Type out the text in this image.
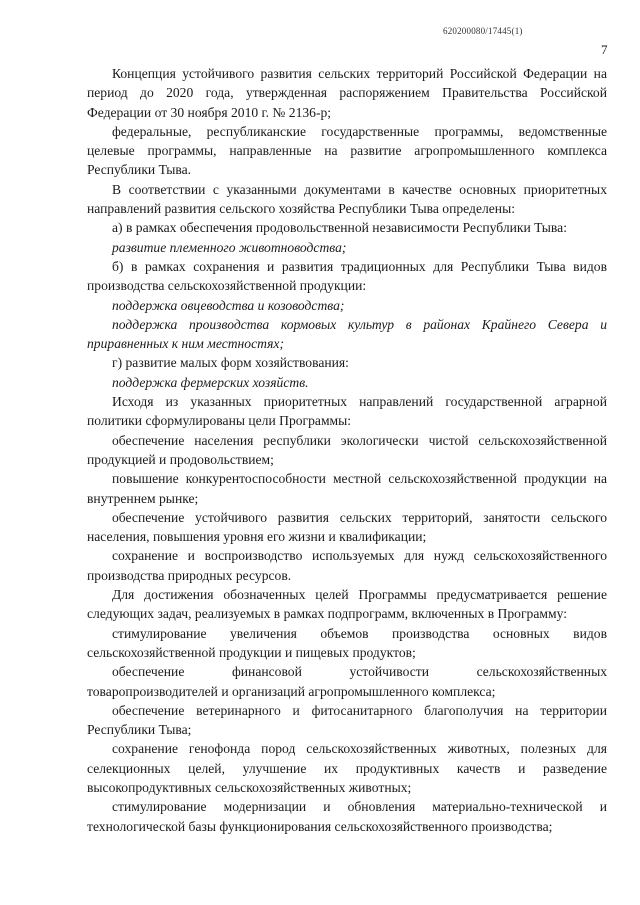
620200080/17445(1)
7

Концепция устойчивого развития сельских территорий Российской Федерации на период до 2020 года, утвержденная распоряжением Правительства Российской Федерации от 30 ноября 2010 г. № 2136-р;

федеральные, республиканские государственные программы, ведомственные целевые программы, направленные на развитие агропромышленного комплекса Республики Тыва.

В соответствии с указанными документами в качестве основных приоритетных направлений развития сельского хозяйства Республики Тыва определены:

а) в рамках обеспечения продовольственной независимости Республики Тыва:

развитие племенного животноводства;

б) в рамках сохранения и развития традиционных для Республики Тыва видов производства сельскохозяйственной продукции:

поддержка овцеводства и козоводства;

поддержка производства кормовых культур в районах Крайнего Севера и приравненных к ним местностях;

г) развитие малых форм хозяйствования:

поддержка фермерских хозяйств.

Исходя из указанных приоритетных направлений государственной аграрной политики сформулированы цели Программы:

обеспечение населения республики экологически чистой сельскохозяйственной продукцией и продовольствием;

повышение конкурентоспособности местной сельскохозяйственной продукции на внутреннем рынке;

обеспечение устойчивого развития сельских территорий, занятости сельского населения, повышения уровня его жизни и квалификации;

сохранение и воспроизводство используемых для нужд сельскохозяйственного производства природных ресурсов.

Для достижения обозначенных целей Программы предусматривается решение следующих задач, реализуемых в рамках подпрограмм, включенных в Программу:

стимулирование увеличения объемов производства основных видов сельскохозяйственной продукции и пищевых продуктов;

обеспечение финансовой устойчивости сельскохозяйственных товаропроизводителей и организаций агропромышленного комплекса;

обеспечение ветеринарного и фитосанитарного благополучия на территории Республики Тыва;

сохранение генофонда пород сельскохозяйственных животных, полезных для селекционных целей, улучшение их продуктивных качеств и разведение высокопродуктивных сельскохозяйственных животных;

стимулирование модернизации и обновления материально-технической и технологической базы функционирования сельскохозяйственного производства;
